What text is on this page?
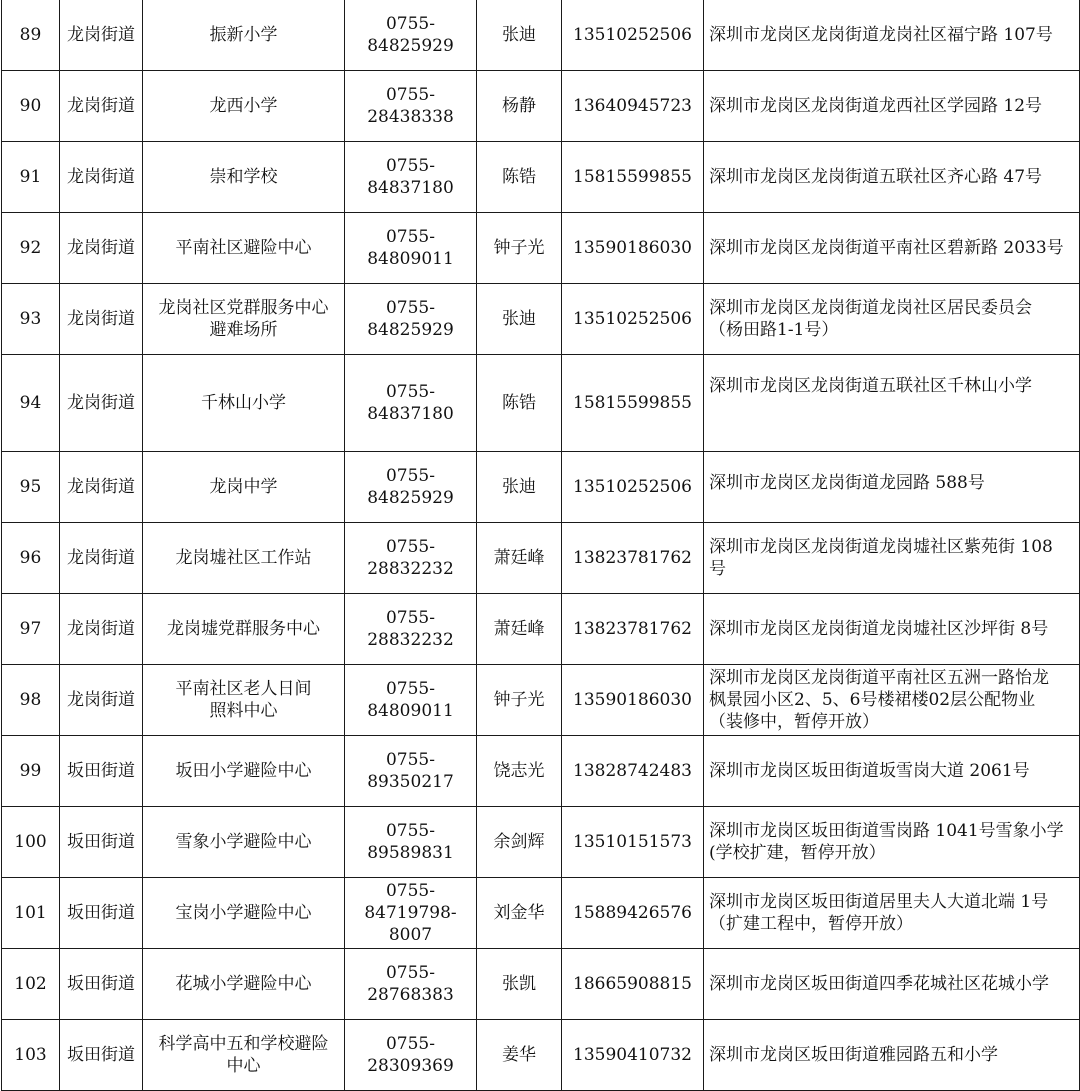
89	龙岗街道	振新小学	0755-84825929	张迪	13510252506	深圳市龙岗区龙岗街道龙岗社区福宁路 107号

90	龙岗街道	龙西小学	0755-28438338	杨静	13640945723	深圳市龙岗区龙岗街道龙西社区学园路 12号

91	龙岗街道	崇和学校	0755-84837180	陈锆	15815599855	深圳市龙岗区龙岗街道五联社区齐心路 47号

92	龙岗街道	平南社区避险中心	0755-84809011	钟子光	13590186030	深圳市龙岗区龙岗街道平南社区碧新路 2033号

93	龙岗街道	龙岗社区党群服务中心
避难场所	0755-84825929	张迪	13510252506	深圳市龙岗区龙岗街道龙岗社区居民委员会
（杨田路1-1号）

94	龙岗街道	千林山小学	0755-84837180	陈锆	15815599855	深圳市龙岗区龙岗街道五联社区千林山小学

95	龙岗街道	龙岗中学	0755-84825929	张迪	13510252506	深圳市龙岗区龙岗街道龙园路 588号

96	龙岗街道	龙岗墟社区工作站	0755-28832232	萧廷峰	13823781762	深圳市龙岗区龙岗街道龙岗墟社区紫苑街 108
号

97	龙岗街道	龙岗墟党群服务中心	0755-28832232	萧廷峰	13823781762	深圳市龙岗区龙岗街道龙岗墟社区沙坪街 8号

98	龙岗街道	平南社区老人日间
照料中心	0755-84809011	钟子光	13590186030	深圳市龙岗区龙岗街道平南社区五洲一路怡龙
枫景园小区2、5、6号楼裙楼02层公配物业
（装修中，暂停开放）

99	坂田街道	坂田小学避险中心	0755-89350217	饶志光	13828742483	深圳市龙岗区坂田街道坂雪岗大道 2061号

100	坂田街道	雪象小学避险中心	0755-89589831	余剑辉	13510151573	深圳市龙岗区坂田街道雪岗路 1041号雪象小学
(学校扩建，暂停开放）

101	坂田街道	宝岗小学避险中心	0755-
84719798-8007	刘金华	15889426576	深圳市龙岗区坂田街道居里夫人大道北端 1号
（扩建工程中，暂停开放）

102	坂田街道	花城小学避险中心	0755-28768383	张凯	18665908815	深圳市龙岗区坂田街道四季花城社区花城小学

103	坂田街道	科学高中五和学校避险
中心	0755-28309369	姜华	13590410732	深圳市龙岗区坂田街道雅园路五和小学
